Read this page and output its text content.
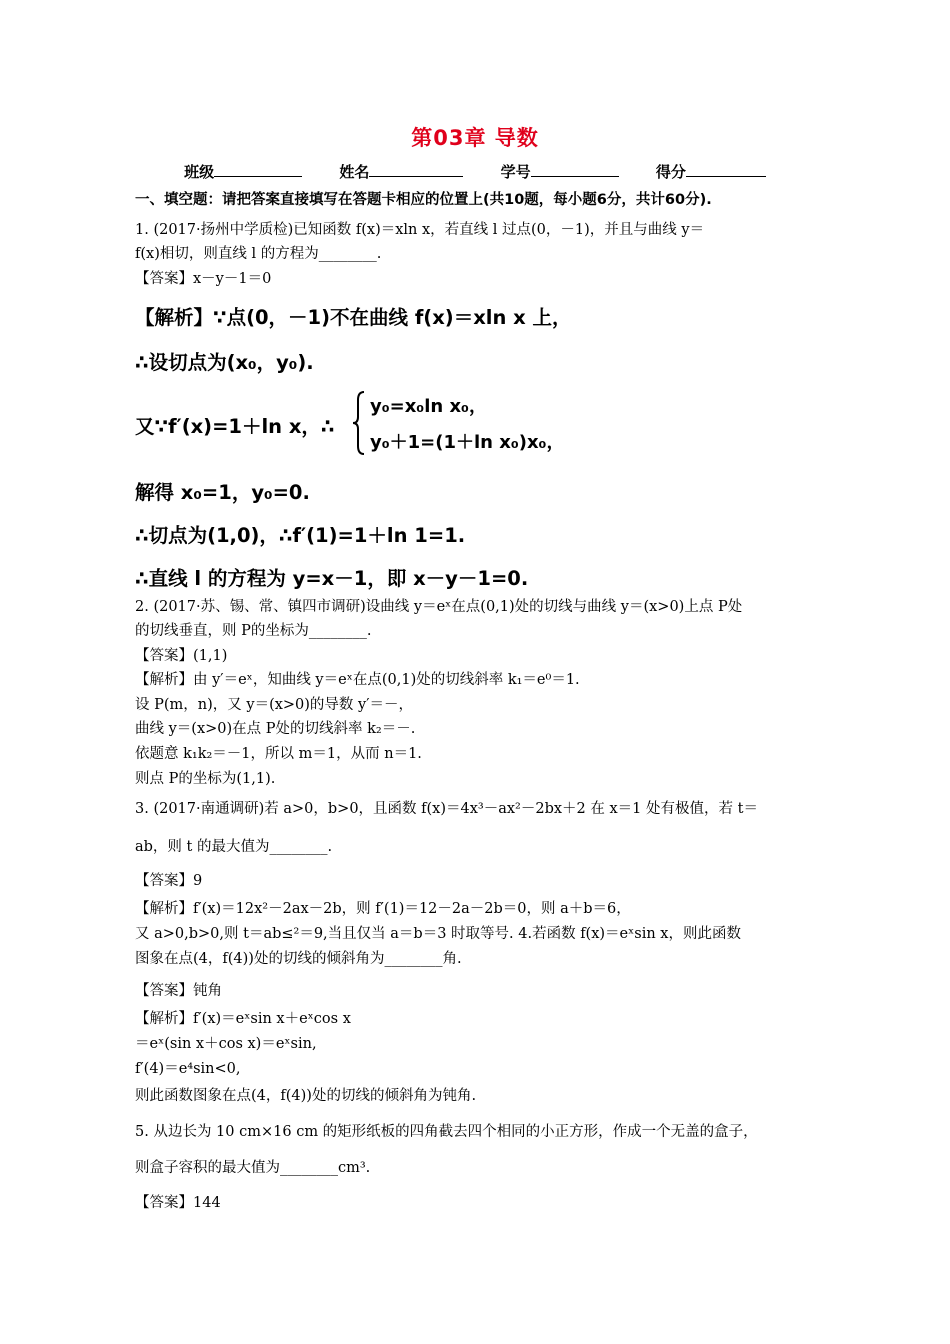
第03章 导数
班级	姓名	学号	得分
一、填空题：请把答案直接填写在答题卡相应的位置上(共10题，每小题6分，共计60分).
1. (2017·扬州中学质检)已知函数 f(x)＝xln x，若直线 l 过点(0，－1)，并且与曲线 y＝
f(x)相切，则直线 l 的方程为________.
【答案】x－y－1＝0
【解析】∵点(0，－1)不在曲线 f(x)＝xln x 上，
∴设切点为(x₀，y₀).
又∵f′(x)=1＋ln x，∴
y₀=x₀ln x₀，
y₀＋1=(1＋ln x₀)x₀，
解得 x₀=1，y₀=0.
∴切点为(1,0)，∴f′(1)=1＋ln 1=1.
∴直线 l 的方程为 y=x－1，即 x－y－1=0.
2. (2017·苏、锡、常、镇四市调研)设曲线 y＝eˣ在点(0,1)处的切线与曲线 y＝(x>0)上点 P处
的切线垂直，则 P的坐标为________.
【答案】(1,1)
【解析】由 y′＝eˣ，知曲线 y＝eˣ在点(0,1)处的切线斜率 k₁＝e⁰＝1.
设 P(m，n)，又 y＝(x>0)的导数 y′＝－，
曲线 y＝(x>0)在点 P处的切线斜率 k₂＝－.
依题意 k₁k₂＝－1，所以 m＝1，从而 n＝1.
则点 P的坐标为(1,1).
3. (2017·南通调研)若 a>0，b>0，且函数 f(x)＝4x³－ax²－2bx＋2 在 x＝1 处有极值，若 t＝
ab，则 t 的最大值为________.
【答案】9
【解析】f′(x)＝12x²－2ax－2b，则 f′(1)＝12－2a－2b＝0，则 a＋b＝6，
又 a>0,b>0,则 t＝ab≤²＝9,当且仅当 a＝b＝3 时取等号. 4.若函数 f(x)＝eˣsin x，则此函数
图象在点(4，f(4))处的切线的倾斜角为________角.
【答案】钝角
【解析】f′(x)＝eˣsin x＋eˣcos x
＝eˣ(sin x＋cos x)＝eˣsin,
f′(4)＝e⁴sin<0,
则此函数图象在点(4，f(4))处的切线的倾斜角为钝角.
5. 从边长为 10 cm×16 cm 的矩形纸板的四角截去四个相同的小正方形，作成一个无盖的盒子，
则盒子容积的最大值为________cm³.
【答案】144
